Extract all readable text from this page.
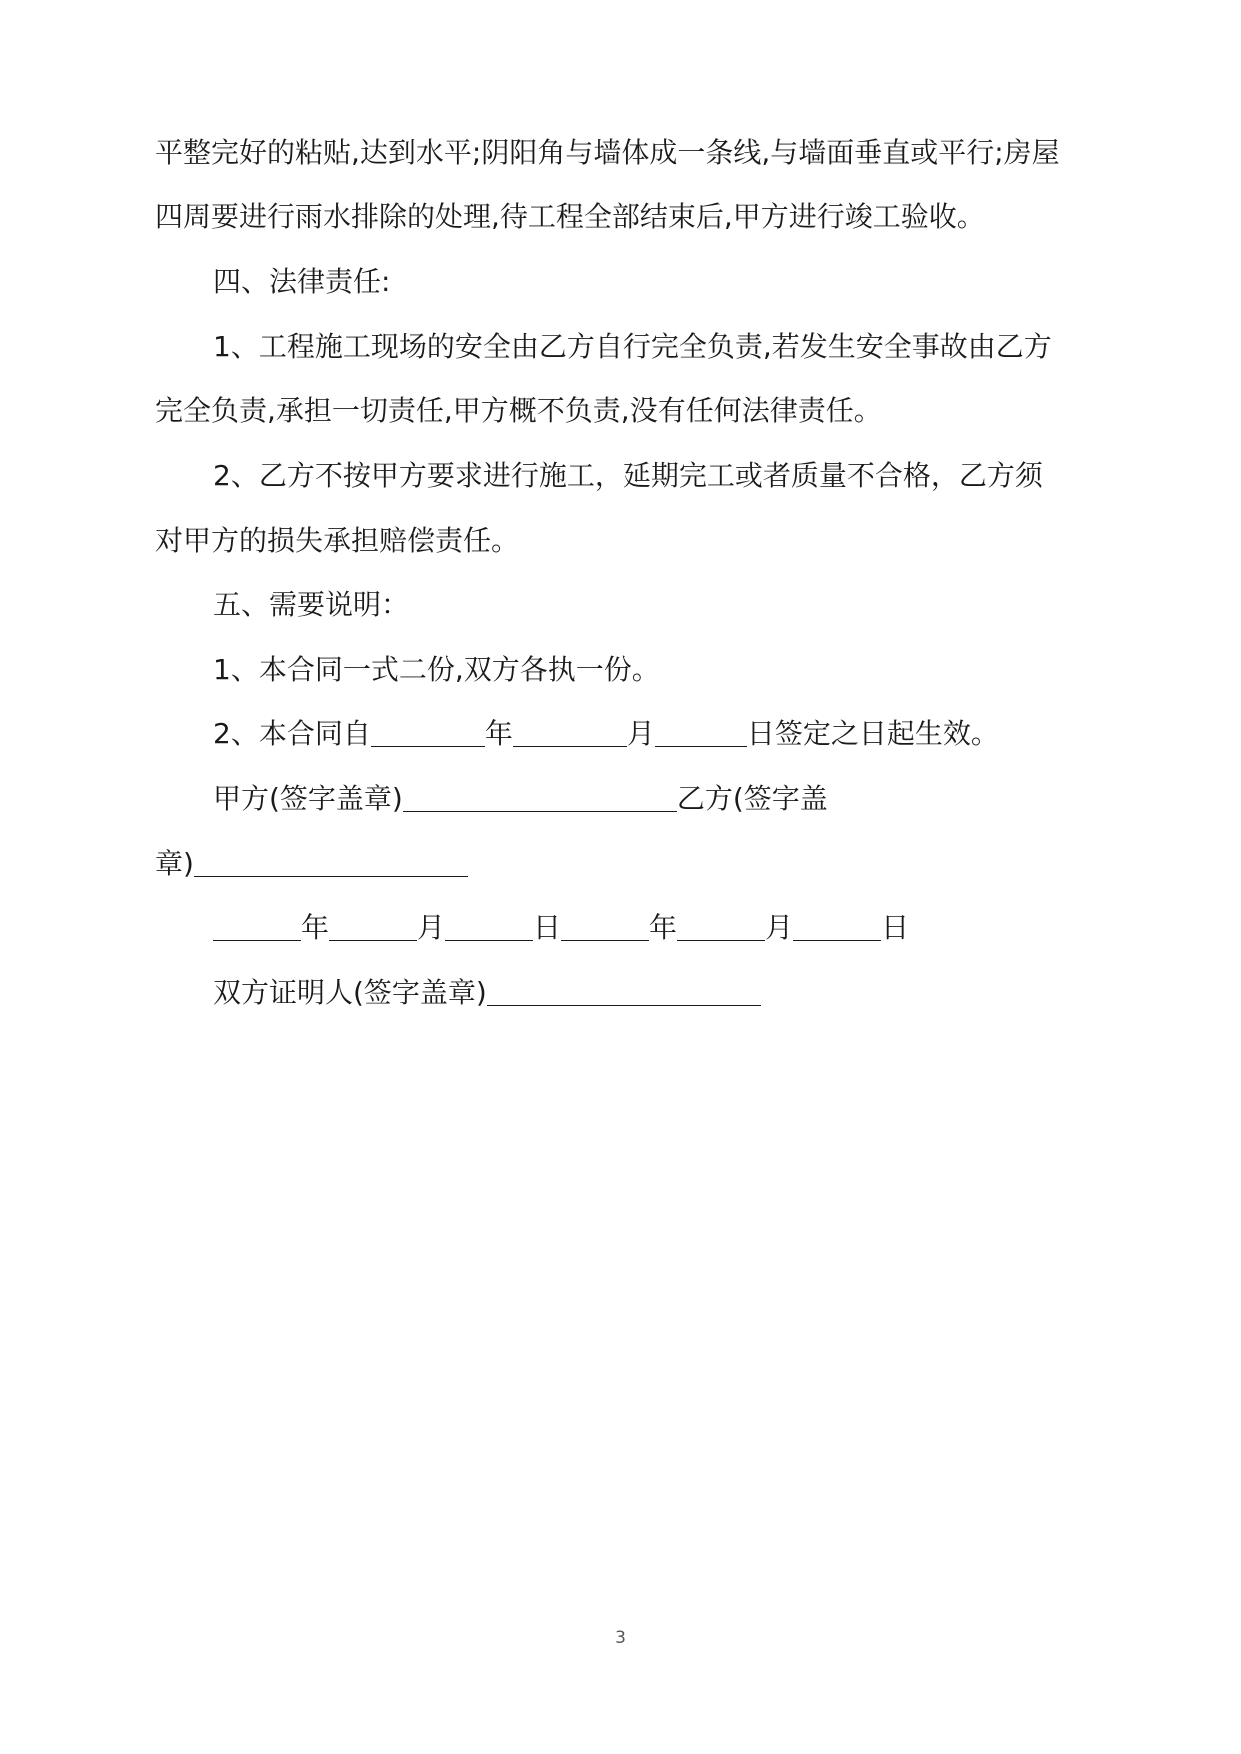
平整完好的粘贴,达到水平;阴阳角与墙体成一条线,与墙面垂直或平行;房屋
四周要进行雨水排除的处理,待工程全部结束后,甲方进行竣工验收。
四、法律责任:
1、工程施工现场的安全由乙方自行完全负责,若发生安全事故由乙方
完全负责,承担一切责任,甲方概不负责,没有任何法律责任。
2、乙方不按甲方要求进行施工，延期完工或者质量不合格，乙方须
对甲方的损失承担赔偿责任。
五、需要说明：
1、本合同一式二份,双方各执一份。
2、本合同自	年	月	日签定之日起生效。
甲方(签字盖章)	乙方(签字盖
章)
年	月	日	年	月	日
双方证明人(签字盖章)
3
